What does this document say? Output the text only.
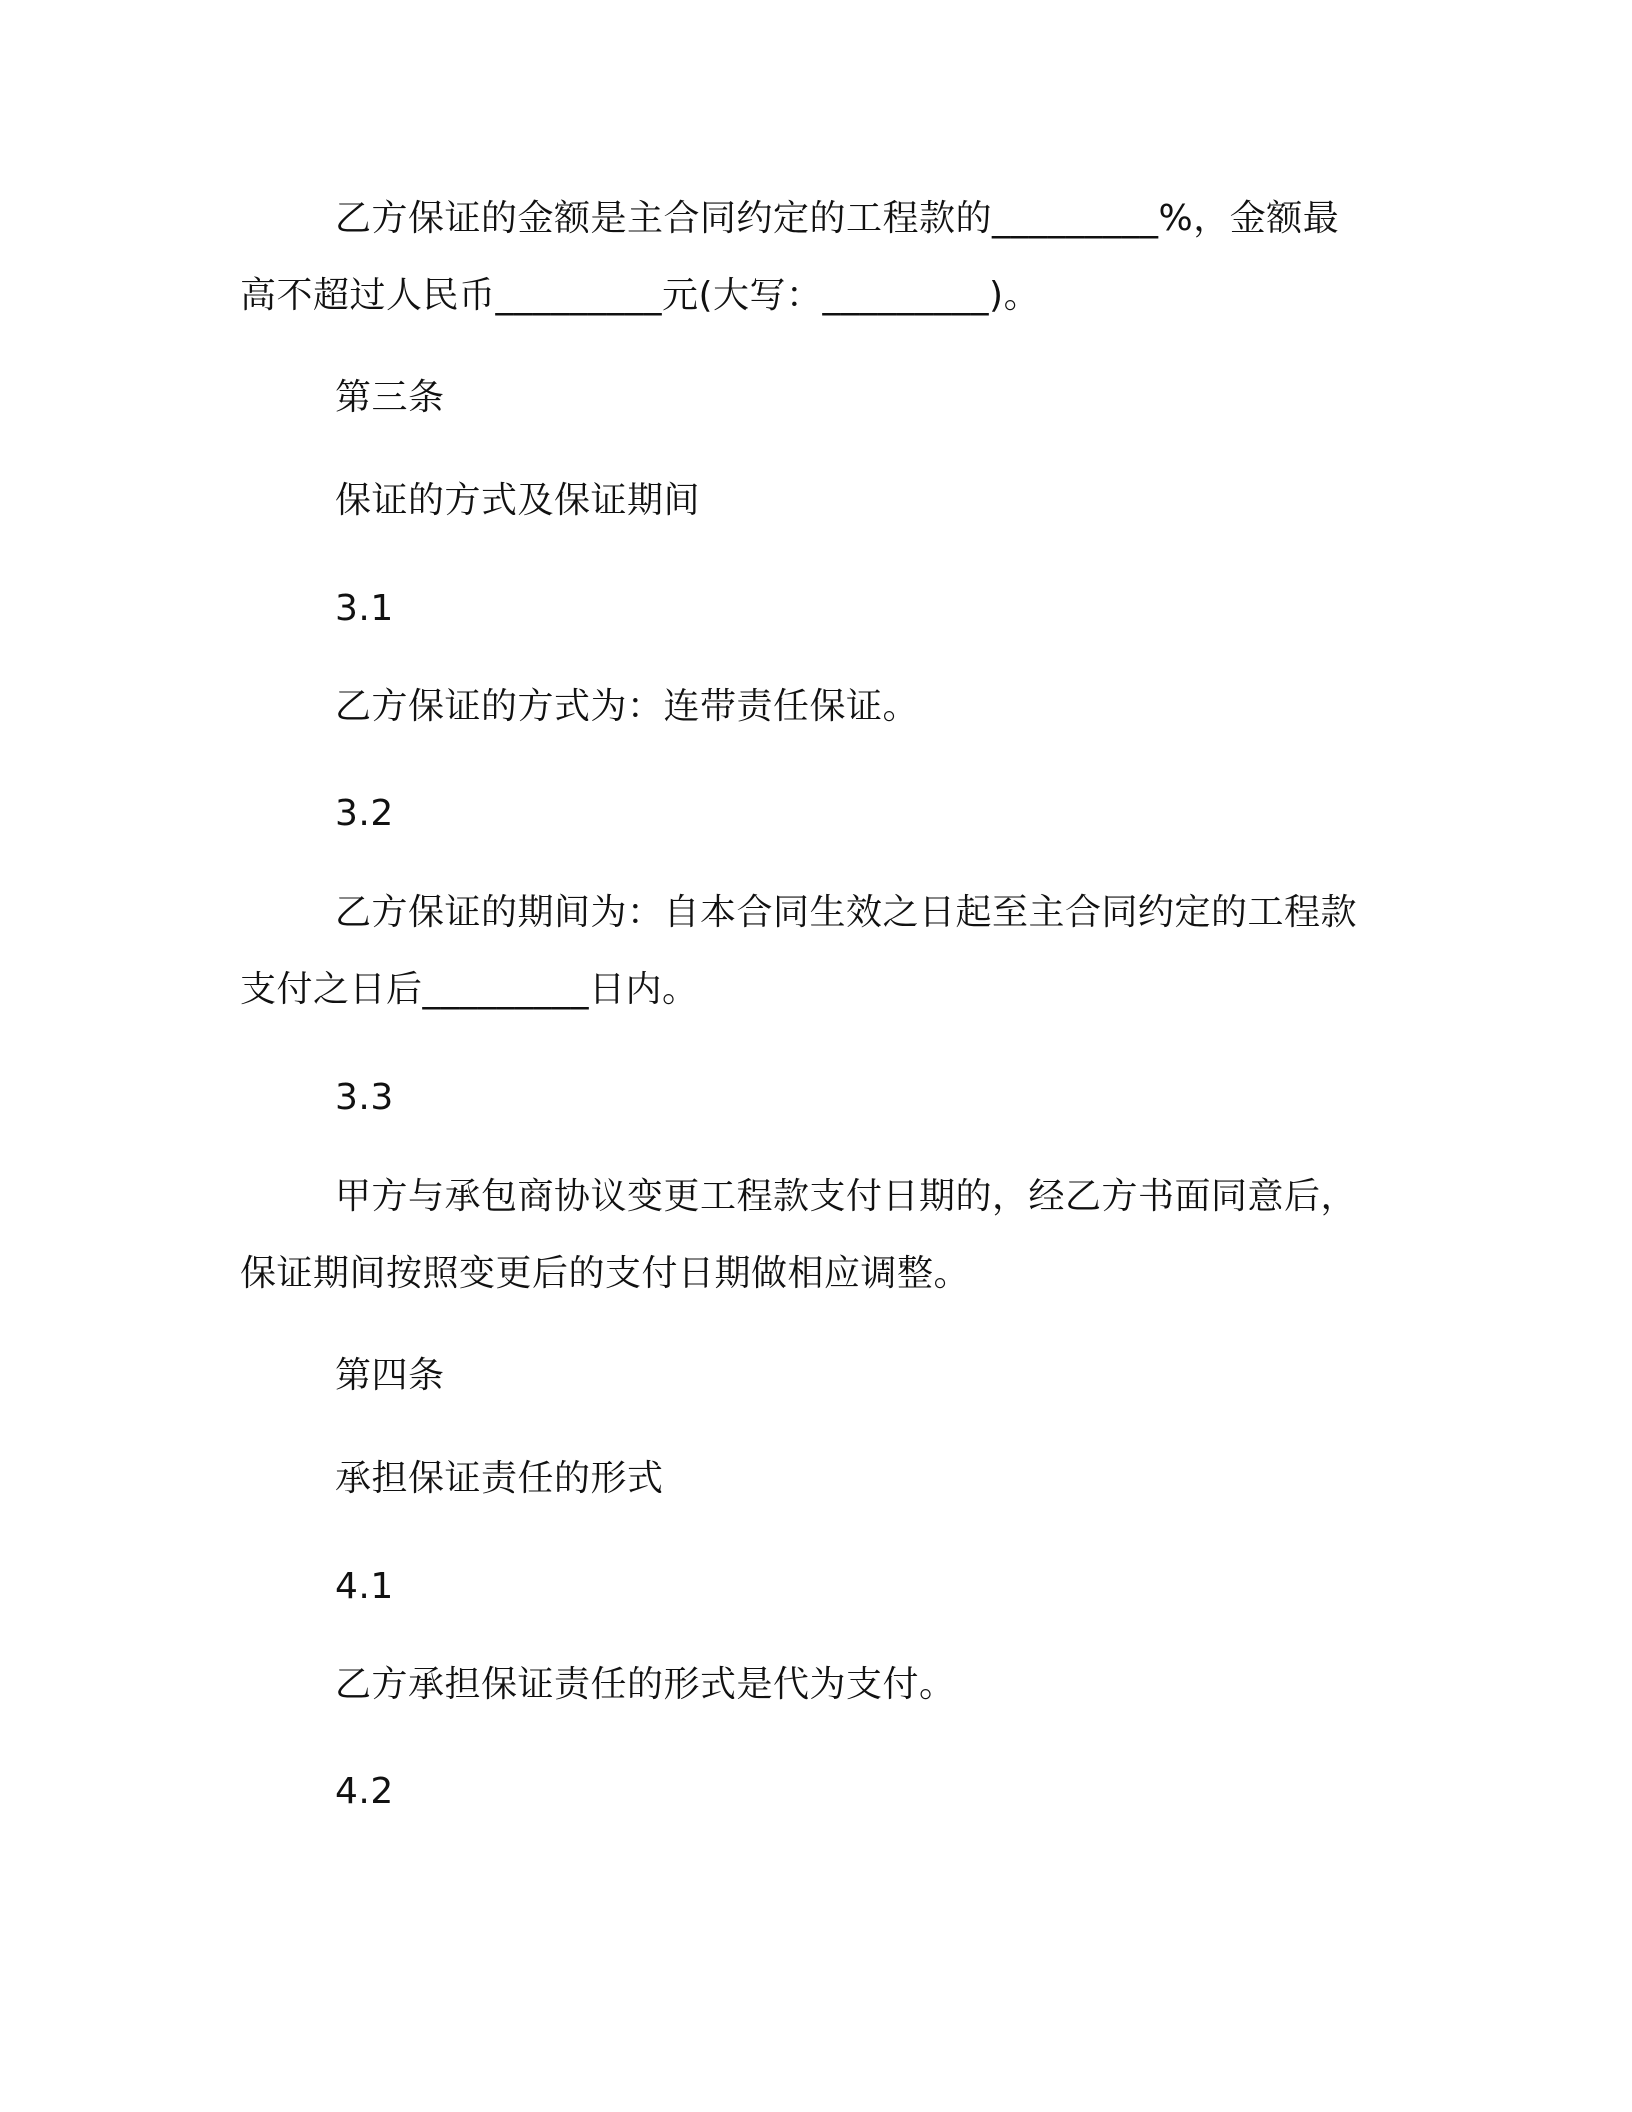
乙方保证的金额是主合同约定的工程款的_________%，金额最
高不超过人民币_________元(大写：_________)。
第三条
保证的方式及保证期间
3.1
乙方保证的方式为：连带责任保证。
3.2
乙方保证的期间为：自本合同生效之日起至主合同约定的工程款
支付之日后_________日内。
3.3
甲方与承包商协议变更工程款支付日期的，经乙方书面同意后，
保证期间按照变更后的支付日期做相应调整。
第四条
承担保证责任的形式
4.1
乙方承担保证责任的形式是代为支付。
4.2
